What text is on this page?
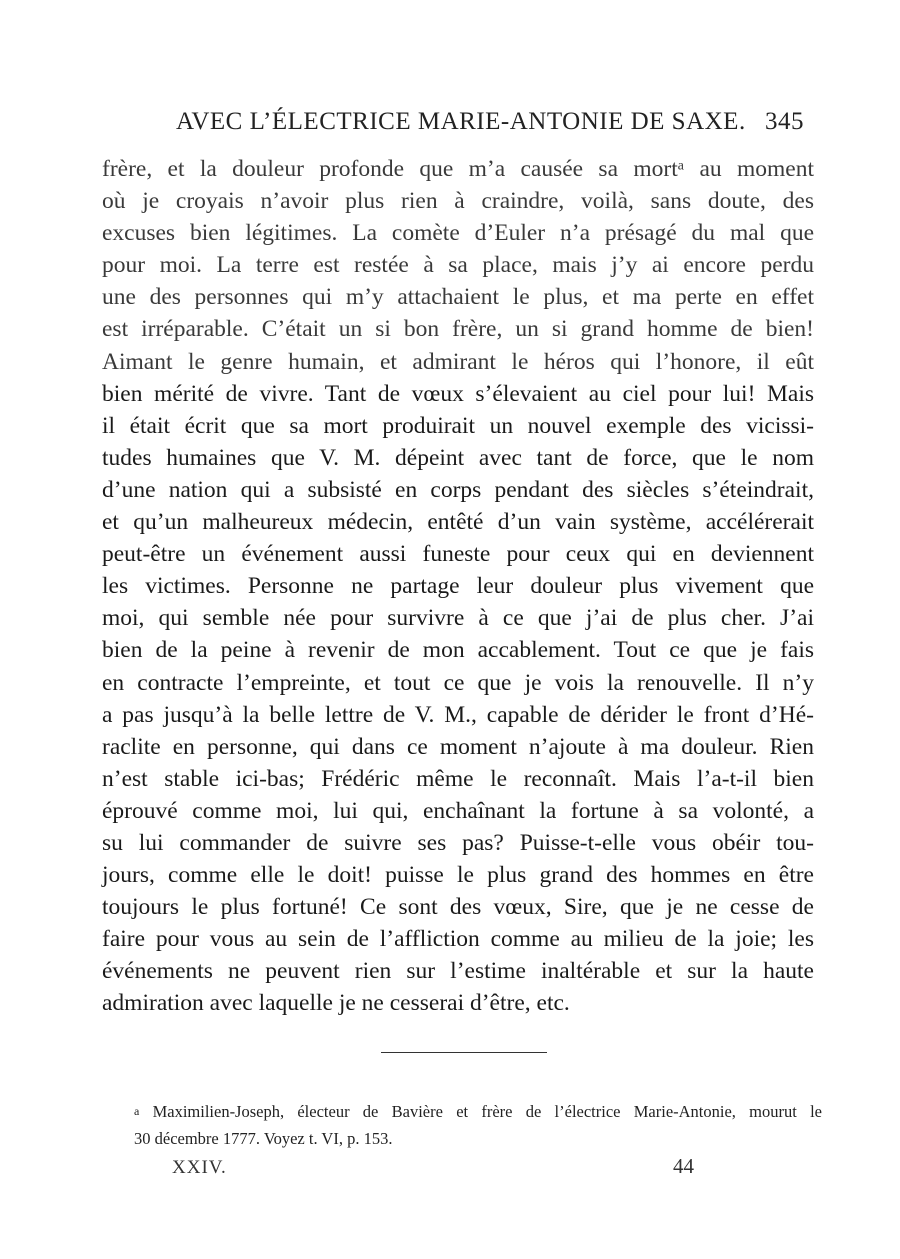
AVEC L’ÉLECTRICE MARIE-ANTONIE DE SAXE. 345
frère, et la douleur profonde que m’a causée sa mortᵃ au moment
où je croyais n’avoir plus rien à craindre, voilà, sans doute, des
excuses bien légitimes. La comète d’Euler n’a présagé du mal que
pour moi. La terre est restée à sa place, mais j’y ai encore perdu
une des personnes qui m’y attachaient le plus, et ma perte en effet
est irréparable. C’était un si bon frère, un si grand homme de bien!
Aimant le genre humain, et admirant le héros qui l’honore, il eût
bien mérité de vivre. Tant de vœux s’élevaient au ciel pour lui! Mais
il était écrit que sa mort produirait un nouvel exemple des vicissi-
tudes humaines que V. M. dépeint avec tant de force, que le nom
d’une nation qui a subsisté en corps pendant des siècles s’éteindrait,
et qu’un malheureux médecin, entêté d’un vain système, accélérerait
peut-être un événement aussi funeste pour ceux qui en deviennent
les victimes. Personne ne partage leur douleur plus vivement que
moi, qui semble née pour survivre à ce que j’ai de plus cher. J’ai
bien de la peine à revenir de mon accablement. Tout ce que je fais
en contracte l’empreinte, et tout ce que je vois la renouvelle. Il n’y
a pas jusqu’à la belle lettre de V. M., capable de dérider le front d’Hé-
raclite en personne, qui dans ce moment n’ajoute à ma douleur. Rien
n’est stable ici-bas; Frédéric même le reconnaît. Mais l’a-t-il bien
éprouvé comme moi, lui qui, enchaînant la fortune à sa volonté, a
su lui commander de suivre ses pas? Puisse-t-elle vous obéir tou-
jours, comme elle le doit! puisse le plus grand des hommes en être
toujours le plus fortuné! Ce sont des vœux, Sire, que je ne cesse de
faire pour vous au sein de l’affliction comme au milieu de la joie; les
événements ne peuvent rien sur l’estime inaltérable et sur la haute
admiration avec laquelle je ne cesserai d’être, etc.
a Maximilien-Joseph, électeur de Bavière et frère de l’électrice Marie-Antonie, mourut le
30 décembre 1777. Voyez t. VI, p. 153.
XXIV.	44
